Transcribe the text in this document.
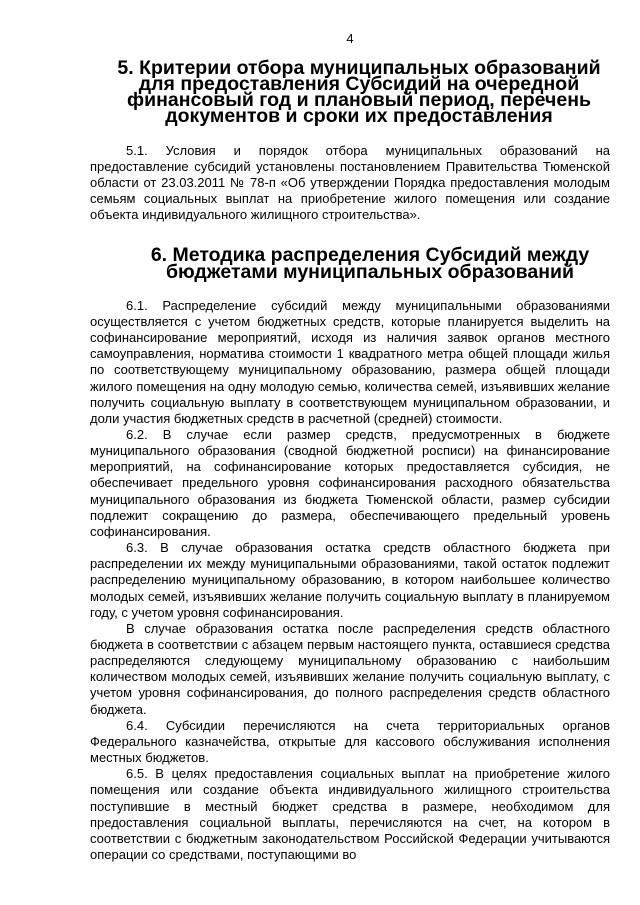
4
5. Критерии отбора муниципальных образований для предоставления Субсидий на очередной финансовый год и плановый период, перечень документов и сроки их предоставления

5.1. Условия и порядок отбора муниципальных образований на предоставление субсидий установлены постановлением Правительства Тюменской области от 23.03.2011 № 78-п «Об утверждении Порядка предоставления молодым семьям социальных выплат на приобретение жилого помещения или создание объекта индивидуального жилищного строительства».

6. Методика распределения Субсидий между бюджетами муниципальных образований

6.1. Распределение субсидий между муниципальными образованиями осуществляется с учетом бюджетных средств, которые планируется выделить на софинансирование мероприятий, исходя из наличия заявок органов местного самоуправления, норматива стоимости 1 квадратного метра общей площади жилья по соответствующему муниципальному образованию, размера общей площади жилого помещения на одну молодую семью, количества семей, изъявивших желание получить социальную выплату в соответствующем муниципальном образовании, и доли участия бюджетных средств в расчетной (средней) стоимости.

6.2. В случае если размер средств, предусмотренных в бюджете муниципального образования (сводной бюджетной росписи) на финансирование мероприятий, на софинансирование которых предоставляется субсидия, не обеспечивает предельного уровня софинансирования расходного обязательства муниципального образования из бюджета Тюменской области, размер субсидии подлежит сокращению до размера, обеспечивающего предельный уровень софинансирования.

6.3. В случае образования остатка средств областного бюджета при распределении их между муниципальными образованиями, такой остаток подлежит распределению муниципальному образованию, в котором наибольшее количество молодых семей, изъявивших желание получить социальную выплату в планируемом году, с учетом уровня софинансирования.

В случае образования остатка после распределения средств областного бюджета в соответствии с абзацем первым настоящего пункта, оставшиеся средства распределяются следующему муниципальному образованию с наибольшим количеством молодых семей, изъявивших желание получить социальную выплату, с учетом уровня софинансирования, до полного распределения средств областного бюджета.

6.4. Субсидии перечисляются на счета территориальных органов Федерального казначейства, открытые для кассового обслуживания исполнения местных бюджетов.

6.5. В целях предоставления социальных выплат на приобретение жилого помещения или создание объекта индивидуального жилищного строительства поступившие в местный бюджет средства в размере, необходимом для предоставления социальной выплаты, перечисляются на счет, на котором в соответствии с бюджетным законодательством Российской Федерации учитываются операции со средствами, поступающими во
